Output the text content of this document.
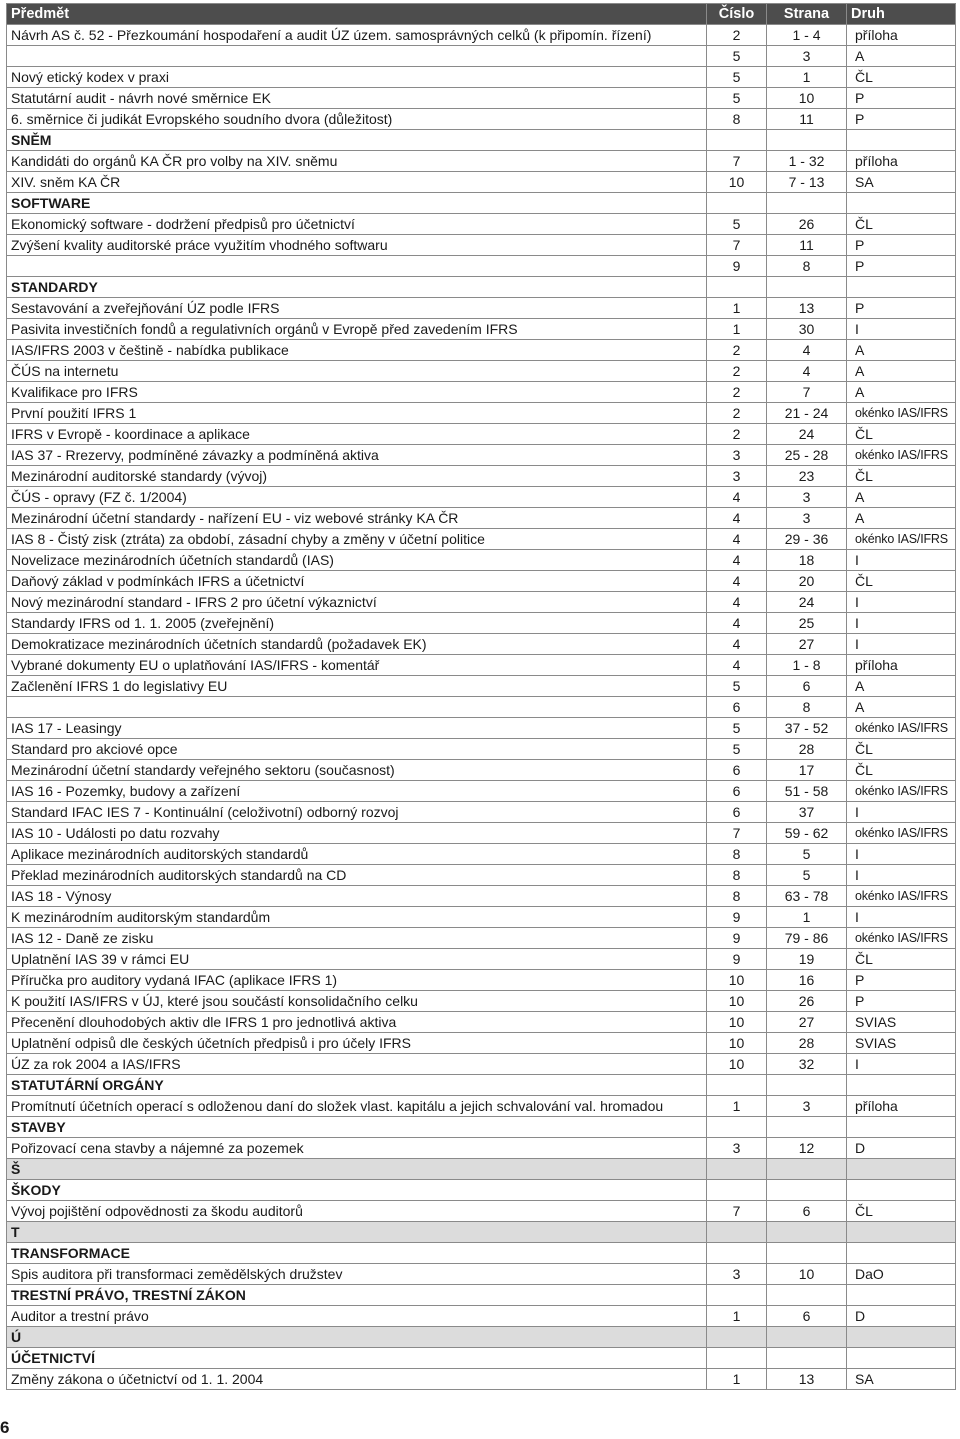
Předmět	Číslo	Strana	Druh
Návrh AS č. 52 - Přezkoumání hospodaření a audit ÚZ územ. samosprávných celků (k připomín. řízení)	2	1 - 4	příloha
	5	3	A
Nový etický kodex v praxi	5	1	ČL
Statutární audit - návrh nové směrnice EK	5	10	P
6. směrnice či judikát Evropského soudního dvora (důležitost)	8	11	P
SNĚM			
Kandidáti do orgánů KA ČR pro volby na XIV. sněmu	7	1 - 32	příloha
XIV. sněm KA ČR	10	7 - 13	SA
SOFTWARE			
Ekonomický software - dodržení předpisů pro účetnictví	5	26	ČL
Zvýšení kvality auditorské práce využitím vhodného softwaru	7	11	P
	9	8	P
STANDARDY			
Sestavování a zveřejňování ÚZ podle IFRS	1	13	P
Pasivita investičních fondů a regulativních orgánů v Evropě před zavedením IFRS	1	30	I
IAS/IFRS 2003 v češtině - nabídka publikace	2	4	A
ČÚS na internetu	2	4	A
Kvalifikace pro IFRS	2	7	A
První použití IFRS 1	2	21 - 24	okénko IAS/IFRS
IFRS v Evropě - koordinace a aplikace	2	24	ČL
IAS 37 - Rrezervy, podmíněné závazky a podmíněná aktiva	3	25 - 28	okénko IAS/IFRS
Mezinárodní auditorské standardy (vývoj)	3	23	ČL
ČÚS - opravy (FZ č. 1/2004)	4	3	A
Mezinárodní účetní standardy - nařízení EU - viz webové stránky KA ČR	4	3	A
IAS 8 - Čistý zisk (ztráta) za období, zásadní chyby a změny v účetní politice	4	29 - 36	okénko IAS/IFRS
Novelizace mezinárodních účetních standardů (IAS)	4	18	I
Daňový základ v podmínkách IFRS a účetnictví	4	20	ČL
Nový mezinárodní standard - IFRS 2 pro účetní výkaznictví	4	24	I
Standardy IFRS od 1. 1. 2005 (zveřejnění)	4	25	I
Demokratizace mezinárodních účetních standardů (požadavek EK)	4	27	I
Vybrané dokumenty EU o uplatňování IAS/IFRS - komentář	4	1 - 8	příloha
Začlenění IFRS 1 do legislativy EU	5	6	A
	6	8	A
IAS 17 - Leasingy	5	37 - 52	okénko IAS/IFRS
Standard pro akciové opce	5	28	ČL
Mezinárodní účetní standardy veřejného sektoru (současnost)	6	17	ČL
IAS 16 - Pozemky, budovy a zařízení	6	51 - 58	okénko IAS/IFRS
Standard IFAC IES 7 - Kontinuální (celoživotní) odborný rozvoj	6	37	I
IAS 10 - Události po datu rozvahy	7	59 - 62	okénko IAS/IFRS
Aplikace mezinárodních auditorských standardů	8	5	I
Překlad mezinárodních auditorských standardů na CD	8	5	I
IAS 18 - Výnosy	8	63 - 78	okénko IAS/IFRS
K mezinárodním auditorským standardům	9	1	I
IAS 12 - Daně ze zisku	9	79 - 86	okénko IAS/IFRS
Uplatnění IAS 39 v rámci EU	9	19	ČL
Příručka pro auditory vydaná IFAC (aplikace IFRS 1)	10	16	P
K použití IAS/IFRS v ÚJ, které jsou součástí konsolidačního celku	10	26	P
Přecenění dlouhodobých aktiv dle IFRS 1 pro jednotlivá aktiva	10	27	SVIAS
Uplatnění odpisů dle českých účetních předpisů i pro účely IFRS	10	28	SVIAS
ÚZ za rok 2004 a IAS/IFRS	10	32	I
STATUTÁRNÍ ORGÁNY			
Promítnutí účetních operací s odloženou daní do složek vlast. kapitálu a jejich schvalování val. hromadou	1	3	příloha
STAVBY			
Pořizovací cena stavby a nájemné za pozemek	3	12	D
Š			
ŠKODY			
Vývoj pojištění odpovědnosti za škodu auditorů	7	6	ČL
T			
TRANSFORMACE			
Spis auditora při transformaci zemědělských družstev	3	10	DaO
TRESTNÍ PRÁVO, TRESTNÍ ZÁKON			
Auditor a trestní právo	1	6	D
Ú			
ÚČETNICTVÍ			
Změny zákona o účetnictví od 1. 1. 2004	1	13	SA
6
